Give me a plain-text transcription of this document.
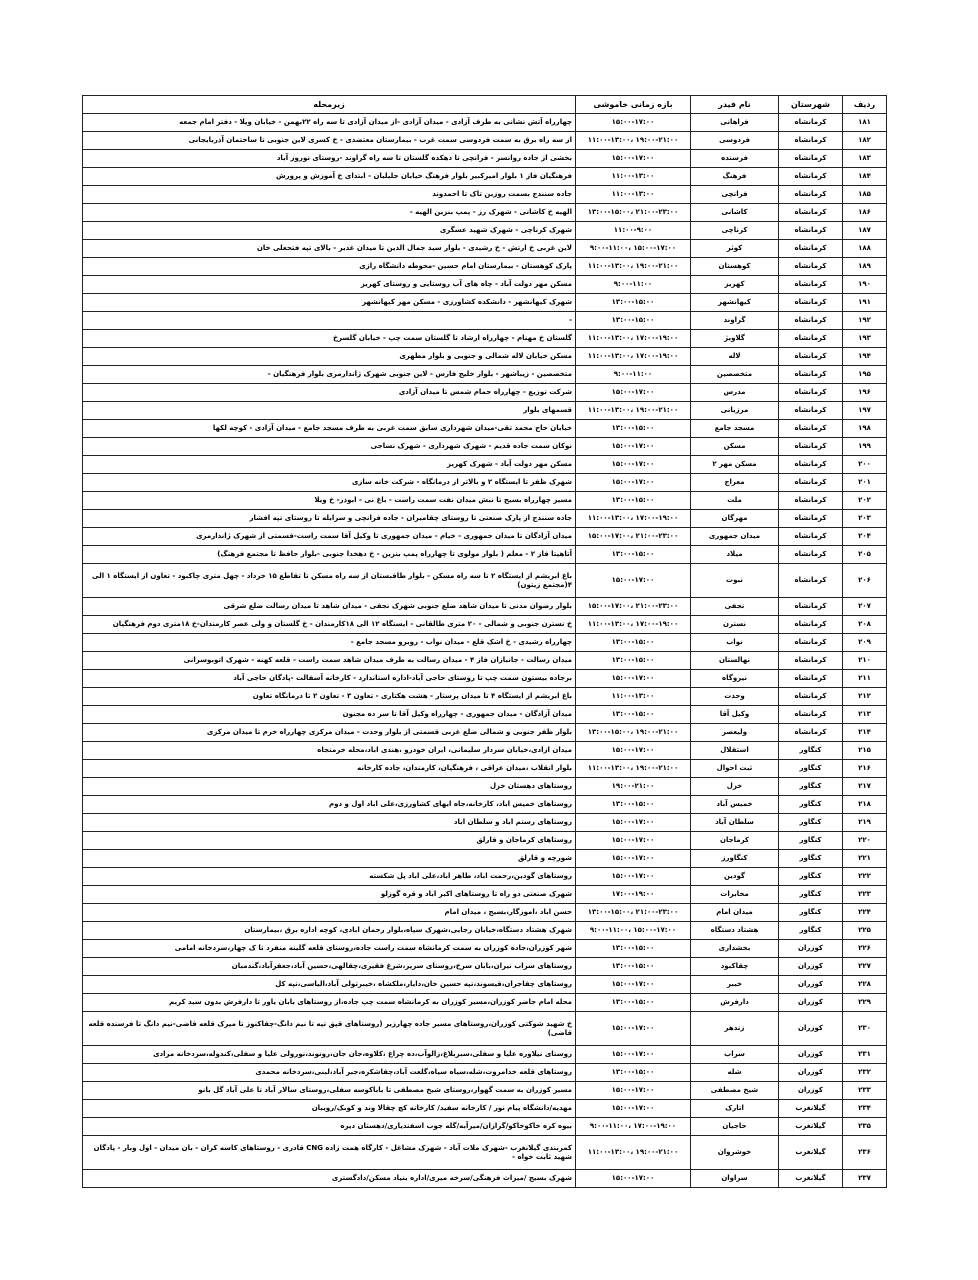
ردیف	شهرستان	نام فیدر	بازه زمانی خاموشی	زیرمحله
۱۸۱	کرمانشاه	فراهانی	۱۵:۰۰-۱۷:۰۰	چهارراه آتش نشانی به طرف آزادی - میدان آزادی -از میدان آزادی تا سه راه ۲۲بهمن - خیابان ویلا - دفتر امام جمعه
۱۸۲	کرمانشاه	فردوسی	۱۱:۰۰-۱۳:۰۰، ۱۹:۰۰-۲۱:۰۰	از سه راه برق به سمت فردوسی سمت غرب - بیمارستان معتضدی - خ کسری لاین جنوبی تا ساختمان آذربایجانی
۱۸۳	کرمانشاه	فرسنده	۱۵:۰۰-۱۷:۰۰	بخشی از جاده روانسر - فرانچی تا دهکده گلستان تا سه راه گراوند -روستای نوروز آباد
۱۸۴	کرمانشاه	فرهنگ	۱۱:۰۰-۱۳:۰۰	فرهنگیان فاز ۱ بلوار امیرکبیر بلوار فرهنگ خیابان جلیلیان - ابتدای خ آموزش و پرورش
۱۸۵	کرمانشاه	فرانچی	۱۱:۰۰-۱۳:۰۰	جاده سنندج بسمت روزبن تاک تا احمدوند
۱۸۶	کرمانشاه	کاشانی	۱۳:۰۰-۱۵:۰۰، ۲۱:۰۰-۲۳:۰۰	الهیه خ کاشانی - شهرک رز - پمپ بنزین الهیه -
۱۸۷	کرمانشاه	کرناچی	۱۱:۰۰-۹:۰۰	شهرک کرناچی - شهرک شهید عسگری
۱۸۸	کرمانشاه	کوثر	۹:۰۰-۱۱:۰۰، ۱۵:۰۰-۱۷:۰۰	لاین غربی خ ارتش - خ رشیدی - بلوار سید جمال الدین تا میدان غدیر - بالای تپه فتحعلی خان
۱۸۹	کرمانشاه	کوهستان	۱۱:۰۰-۱۳:۰۰، ۱۹:۰۰-۲۱:۰۰	پارک کوهستان - بیمارستان امام حسین -محوطه دانشگاه رازی
۱۹۰	کرمانشاه	کهریز	۹:۰۰-۱۱:۰۰	مسکن مهر دولت آباد - چاه های آب روستایی و روستای کهریز
۱۹۱	کرمانشاه	کیهانشهر	۱۳:۰۰-۱۵:۰۰	شهرک کیهانشهر - دانشکده کشاورزی - مسکن مهر کیهانشهر
۱۹۲	کرمانشاه	گراوند	۱۳:۰۰-۱۵:۰۰	-
۱۹۳	کرمانشاه	گلاویژ	۱۱:۰۰-۱۳:۰۰، ۱۷:۰۰-۱۹:۰۰	گلستان خ مهنام - چهارراه ارشاد تا گلستان سمت چپ - خیابان گلسرخ
۱۹۴	کرمانشاه	لاله	۱۱:۰۰-۱۳:۰۰، ۱۷:۰۰-۱۹:۰۰	مسکن خیابان لاله شمالی و جنوبی و بلوار مطهری
۱۹۵	کرمانشاه	متخصصین	۹:۰۰-۱۱:۰۰	متخصصین - زیباشهر - بلوار خلیج فارس - لاین جنوبی شهرک ژاندارمری بلوار فرهنگیان -
۱۹۶	کرمانشاه	مدرس	۱۵:۰۰-۱۷:۰۰	شرکت توزیع - چهارراه حمام شمس تا میدان آزادی
۱۹۷	کرمانشاه	مرزبانی	۱۱:۰۰-۱۳:۰۰، ۱۹:۰۰-۲۱:۰۰	قسمهای بلوار
۱۹۸	کرمانشاه	مسجد جامع	۱۳:۰۰-۱۵:۰۰	خیابان حاج محمد تقی-میدان شهرداری سابق سمت غربی به طرف مسجد جامع - میدان آزادی - کوچه لکها
۱۹۹	کرمانشاه	مسکن	۱۵:۰۰-۱۷:۰۰	نوکان سمت جاده قدیم - شهرک شهرداری - شهرک نساجی
۲۰۰	کرمانشاه	مسکن مهر ۲	۱۵:۰۰-۱۷:۰۰	مسکن مهر دولت آباد - شهرک کهریز
۲۰۱	کرمانشاه	معراج	۱۵:۰۰-۱۷:۰۰	شهرک ظفر تا ایستگاه ۲ و بالاتر از درمانگاه - شرکت خانه سازی
۲۰۲	کرمانشاه	ملت	۱۳:۰۰-۱۵:۰۰	مسیر چهارراه بسیج تا نبش میدان نفت سمت راست - باغ نی - ابوذر- خ ویلا
۲۰۳	کرمانشاه	مهرگان	۱۱:۰۰-۱۳:۰۰، ۱۷:۰۰-۱۹:۰۰	جاده سنندج از پارک صنعتی تا روستای چقامیران - جاده فرانچی و سرابله تا روستای تپه افشار
۲۰۴	کرمانشاه	میدان جمهوری	۱۵:۰۰-۱۷:۰۰، ۲۱:۰۰-۲۳:۰۰	میدان آزادگان تا میدان جمهوری - خیام - میدان جمهوری تا وکیل آقا سمت راست-قسمتی از شهرک ژاندارمری
۲۰۵	کرمانشاه	میلاد	۱۳:۰۰-۱۵:۰۰	آتاهیتا فاز ۲ - معلم ( بلوار مولوی تا چهارراه پمپ بنزین - خ دهخدا جنوبی -بلوار حافظ تا مجتمع فرهنگ)
۲۰۶	کرمانشاه	نبوت	۱۵:۰۰-۱۷:۰۰	باغ ابریشم از ایستگاه ۲ تا سه راه مسکن - بلوار طاقبستان از سه راه مسکن تا تقاطع ۱۵ خرداد - چهل متری چاکبود - تعاون از ایستگاه ۱ الی ۴(مجتمع زیتون)
۲۰۷	کرمانشاه	نجفی	۱۵:۰۰-۱۷:۰۰، ۲۱:۰۰-۲۳:۰۰	بلوار رضوان مدنی تا میدان شاهد ضلع جنوبی شهرک نجفی - میدان شاهد تا میدان رسالت ضلع شرقی
۲۰۸	کرمانشاه	نسترن	۱۱:۰۰-۱۳:۰۰، ۱۷:۰۰-۱۹:۰۰	خ نسترن جنوبی و شمالی - ۲۰ متری طالقانی - ایستگاه ۱۲ الی ۱۸کارمندان - خ گلستان و ولی عصر کارمندان-خ ۱۸متری دوم فرهنگیان
۲۰۹	کرمانشاه	نواب	۱۳:۰۰-۱۵:۰۰	چهارراه رشیدی - خ اشک قلع - میدان نواب - روبرو مسجد جامع -
۲۱۰	کرمانشاه	نهالستان	۱۳:۰۰-۱۵:۰۰	میدان رسالت - جانبازان فاز ۴ - میدان رسالت به طرف میدان شاهد سمت راست - قلعه کهنه - شهرک اتوبوسرانی
۲۱۱	کرمانشاه	نیروگاه	۱۵:۰۰-۱۷:۰۰	برجاده بیستون سمت چپ تا روستای حاجی آباد-اداره استاندارد - کارخانه آسفالت -پادگان حاجی آباد
۲۱۲	کرمانشاه	وحدت	۱۱:۰۰-۱۳:۰۰	باغ ابریشم از ایستگاه ۴ تا میدان پرستار - هشت هکتاری - تعاون ۳ - تعاون ۲ تا درمانگاه تعاون
۲۱۳	کرمانشاه	وکیل آقا	۱۳:۰۰-۱۵:۰۰	میدان آزادگان - میدان جمهوری - چهارراه وکیل آقا تا سر ده مجنون
۲۱۴	کرمانشاه	ولیعصر	۱۳:۰۰-۱۵:۰۰، ۱۹:۰۰-۲۱:۰۰	بلوار ظفر جنوبی و شمالی ضلع غربی قسمتی از بلوار وحدت - میدان مرکزی چهارراه خرم تا میدان مرکزی
۲۱۵	کنگاور	استقلال	۱۵:۰۰-۱۷:۰۰	میدان ازادی،خیابان سردار سلیمانی، ایران خودرو ،هندی اباد،محله خرمنجاه
۲۱۶	کنگاور	ثبت احوال	۱۱:۰۰-۱۳:۰۰، ۱۹:۰۰-۲۱:۰۰	بلوار انقلاب ،میدان عراقی ، فرهنگیان، کارمندان، جاده کارخانه
۲۱۷	کنگاور	خزل	۱۹:۰۰-۲۱:۰۰	روستاهای دهستان خزل
۲۱۸	کنگاور	خمیس آباد	۱۳:۰۰-۱۵:۰۰	روستاهای خمیس اباد، کارخانه،جاه ابهای کشاورزی،علی اباد اول و دوم
۲۱۹	کنگاور	سلطان آباد	۱۵:۰۰-۱۷:۰۰	روستاهای رستم اباد و سلطان اباد
۲۲۰	کنگاور	کرماجان	۱۵:۰۰-۱۷:۰۰	روستاهای کرماجان و قارلق
۲۲۱	کنگاور	کنگاورز	۱۵:۰۰-۱۷:۰۰	شورچه و قارلق
۲۲۲	کنگاور	گودین	۱۵:۰۰-۱۷:۰۰	روستاهای گودین،رحمت اباد، طاهر اباد،علی اباد پل شکسته
۲۲۳	کنگاور	مخابرات	۱۷:۰۰-۱۹:۰۰	شهرک صنعتی دو راه تا روستاهای اکبر اباد و قره گوزلو
۲۲۴	کنگاور	میدان امام	۱۳:۰۰-۱۵:۰۰، ۲۱:۰۰-۲۳:۰۰	حسن اباد ،اموزگار،بسیج ، میدان امام
۲۲۵	کنگاور	هشتاد دستگاه	۹:۰۰-۱۱:۰۰، ۱۵:۰۰-۱۷:۰۰	شهرک هشتاد دستگاه،خیابان رجایی،شهرک سپاه،بلوار رحمان ابادی، کوچه اداره برق ،بیمارستان
۲۲۶	کوزران	بخشداری	۱۳:۰۰-۱۵:۰۰	شهر کوزران،جاده کوزران به سمت کرمانشاه سمت راست جاده،روستای قلعه گلینه منفرد تا ک چهار،سردخانه امامی
۲۲۷	کوزران	چقاکبود	۱۳:۰۰-۱۵:۰۰	روستاهای سراب نیران،بابان سرخ،روستای سرپر،شرغ فقیری،چقالهی،حسین آباد،جعفرآباد،گندمبان
۲۲۸	کوزران	خیبر	۱۵:۰۰-۱۷:۰۰	روستاهای چقاجران،قیسوند،تپه حسین خان،دایار،ملکشاه ،خیبرتولی آباد،الیاسی،تپه کل
۲۲۹	کوزران	دارفرش	۱۳:۰۰-۱۵:۰۰	محله امام حاضر کوزران،مسیر کوزران به کرمانشاه سمت چپ جاده،از روستاهای بابان یاور تا دارفرش بدون سید کریم
۲۳۰	کوزران	زندهر	۱۵:۰۰-۱۷:۰۰	خ شهید شوکتی کوزران،روستاهای مسیر جاده چهارزبر (روستاهای قپق تپه تا نیم دانگ-چقاکنوز تا میرک قلعه قاضی-نیم دانگ تا فرسنده قلعه قاضی)
۲۳۱	کوزران	سراب	۱۵:۰۰-۱۷:۰۰	روستای نیلاوره علیا و سفلی،سبزبلاغ،زالوآب،ده چراغ ،کلاوه،جان جان،رونوند،نورولی علیا و سفلی،کندوله،سردخانه مرادی
۲۳۲	کوزران	شله	۱۳:۰۰-۱۵:۰۰	روستاهای قلعه خدامروت،شله،سیاه سیاه،گلعت آباد،چقاشکره،جبر آباد،لبنی،سردخانه محمدی
۲۳۳	کوزران	شیخ مصطفی	۱۵:۰۰-۱۷:۰۰	مسیر کوزران به سمت گهوار،روستای شیخ مصطفی تا باباکوسه سفلی،روستای سالار آباد تا علی آباد گل بانو
۲۳۴	گیلانغرب	اتارک	۱۵:۰۰-۱۷:۰۰	مهدیه/دانشگاه پیام نور / کارخانه سفید/ کارخانه کچ چقالا وند و کوبک/رویبان
۲۳۵	گیلانغرب	حاجیان	۹:۰۰-۱۱:۰۰، ۱۷:۰۰-۱۹:۰۰	بیوه کره خاکوخاکو/گرازان/میرآبه/گله جوب اسفندیاری/دهستان دیره
۲۳۶	گیلانغرب	خوشروان	۱۱:۰۰-۱۳:۰۰، ۱۹:۰۰-۲۱:۰۰	کمربندی گیلانغرب -شهرک ملات آباد - شهرک مشاغل - کارگاه همت زاده CNG قادری - روستاهای کاسه کران - بان میدان - اول وبار - پادگان شهید ثابت خواه -
۲۳۷	گیلانغرب	سراوان	۱۵:۰۰-۱۷:۰۰	شهرک بسیج /میراث فرهنگی/سرخه میری/اداره بنیاد مسکن/دادگستری
